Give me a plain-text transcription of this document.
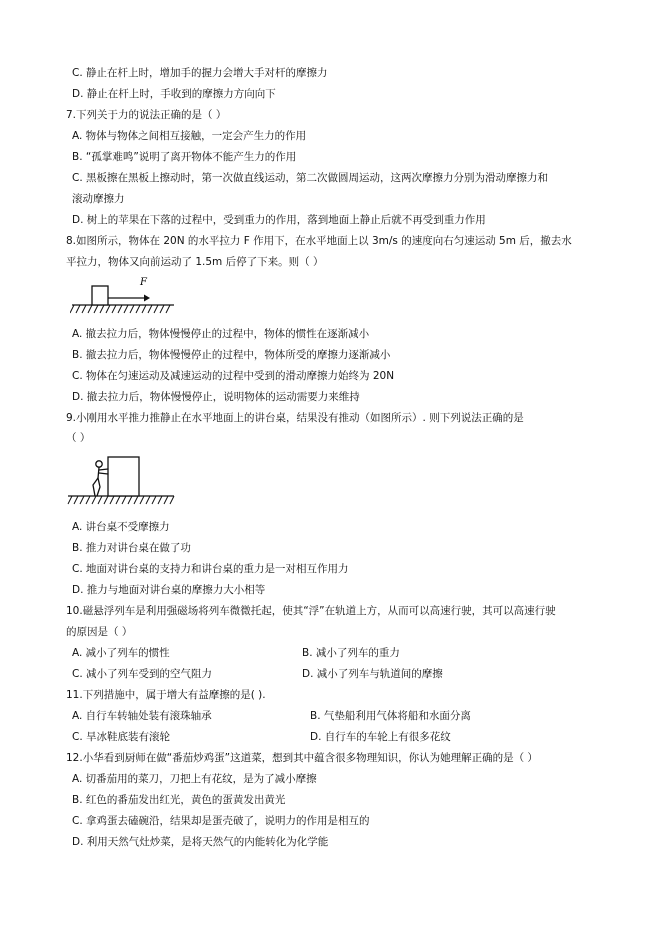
C. 静止在杆上时，增加手的握力会增大手对杆的摩擦力
D. 静止在杆上时，手收到的摩擦力方向向下
7.下列关于力的说法正确的是（ ）
A. 物体与物体之间相互接触，一定会产生力的作用
B. “孤掌难鸣”说明了离开物体不能产生力的作用
C. 黑板擦在黑板上擦动时，第一次做直线运动，第二次做圆周运动，这两次摩擦力分别为滑动摩擦力和
滚动摩擦力
D. 树上的苹果在下落的过程中，受到重力的作用，落到地面上静止后就不再受到重力作用
8.如图所示，物体在 20N 的水平拉力 F 作用下，在水平地面上以 3m/s 的速度向右匀速运动 5m 后，撤去水
平拉力，物体又向前运动了 1.5m 后停了下来。则（ ）
F
A. 撤去拉力后，物体慢慢停止的过程中，物体的惯性在逐渐减小
B. 撤去拉力后，物体慢慢停止的过程中，物体所受的摩擦力逐渐减小
C. 物体在匀速运动及减速运动的过程中受到的滑动摩擦力始终为 20N
D. 撤去拉力后，物体慢慢停止，说明物体的运动需要力来维持
9.小刚用水平推力推静止在水平地面上的讲台桌，结果没有推动（如图所示）. 则下列说法正确的是
（ ）
A. 讲台桌不受摩擦力
B. 推力对讲台桌在做了功
C. 地面对讲台桌的支持力和讲台桌的重力是一对相互作用力
D. 推力与地面对讲台桌的摩擦力大小相等
10.磁悬浮列车是利用强磁场将列车微微托起，使其“浮”在轨道上方，从而可以高速行驶，其可以高速行驶
的原因是（ ）
A. 减小了列车的惯性	B. 减小了列车的重力
C. 减小了列车受到的空气阻力	D. 减小了列车与轨道间的摩擦
11.下列措施中，属于增大有益摩擦的是( ).
A. 自行车转轴处装有滚珠轴承	B. 气垫船利用气体将船和水面分离
C. 旱冰鞋底装有滚轮	D. 自行车的车轮上有很多花纹
12.小华看到厨师在做“番茄炒鸡蛋”这道菜，想到其中蕴含很多物理知识，你认为她理解正确的是（ ）
A. 切番茄用的菜刀，刀把上有花纹，是为了减小摩擦
B. 红色的番茄发出红光，黄色的蛋黄发出黄光
C. 拿鸡蛋去磕碗沿，结果却是蛋壳破了，说明力的作用是相互的
D. 利用天然气灶炒菜，是将天然气的内能转化为化学能
